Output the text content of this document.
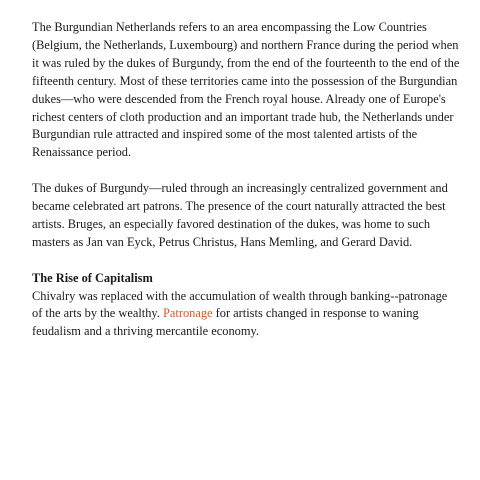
The Burgundian Netherlands refers to an area encompassing the Low Countries (Belgium, the Netherlands, Luxembourg) and northern France during the period when it was ruled by the dukes of Burgundy, from the end of the fourteenth to the end of the fifteenth century. Most of these territories came into the possession of the Burgundian dukes—who were descended from the French royal house. Already one of Europe's richest centers of cloth production and an important trade hub, the Netherlands under Burgundian rule attracted and inspired some of the most talented artists of the Renaissance period.

The dukes of Burgundy—ruled through an increasingly centralized government and became celebrated art patrons. The presence of the court naturally attracted the best artists. Bruges, an especially favored destination of the dukes, was home to such masters as Jan van Eyck, Petrus Christus, Hans Memling, and Gerard David.

The Rise of Capitalism

Chivalry was replaced with the accumulation of wealth through banking--patronage of the arts by the wealthy. Patronage for artists changed in response to waning feudalism and a thriving mercantile economy.
